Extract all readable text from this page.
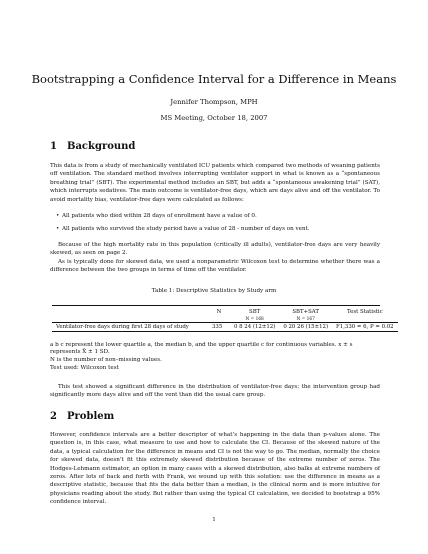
Bootstrapping a Confidence Interval for a Difference in Means
Jennifer Thompson, MPH
MS Meeting, October 18, 2007
1 Background
This data is from a study of mechanically ventilated ICU patients which compared two methods of weaning patients off ventilation. The standard method involves interrupting ventilator support in what is known as a “spontaneous breathing trial” (SBT). The experimental method includes an SBT, but adds a “spontaneous awakening trial” (SAT), which interrupts sedatives. The main outcome is ventilator-free days, which are days alive and off the ventilator. To avoid mortality bias, ventilator-free days were calculated as follows:
• All patients who died within 28 days of enrollment have a value of 0.
• All patients who survived the study period have a value of 28 - number of days on vent.
Because of the high mortality rate in this population (critically ill adults), ventilator-free days are very heavily skewed, as seen on page 2.
As is typically done for skewed data, we used a nonparametric Wilcoxon test to determine whether there was a difference between the two groups in terms of time off the ventilator.
Table 1: Descriptive Statistics by Study arm
	N	SBT	SBT+SAT	Test Statistic
		N = 168	N = 167	
Ventilator-free days during first 28 days of study	335	0 8 24 (12±12)	0 20 26 (15±12)	F1,330 = 6, P = 0.02
a b c represent the lower quartile a, the median b, and the upper quartile c for continuous variables. x ± s represents X̄ ± 1 SD.
N is the number of non–missing values.
Test used: Wilcoxon test
This test showed a significant difference in the distribution of ventilator-free days; the intervention group had significantly more days alive and off the vent than did the usual care group.
2 Problem
However, confidence intervals are a better descriptor of what’s happening in the data than p-values alone. The question is, in this case, what measure to use and how to calculate the CI. Because of the skewed nature of the data, a typical calculation for the difference in means and CI is not the way to go. The median, normally the choice for skewed data, doesn’t fit this extremely skewed distribution because of the extreme number of zeros. The Hodges-Lehmann estimator, an option in many cases with a skewed distribution, also balks at extreme numbers of zeros. After lots of back and forth with Frank, we wound up with this solution: use the difference in means as a descriptive statistic, because that fits the data better than a median, is the clinical norm and is more intuitive for physicians reading about the study. But rather than using the typical CI calculation, we decided to bootstrap a 95% confidence interval.
1
